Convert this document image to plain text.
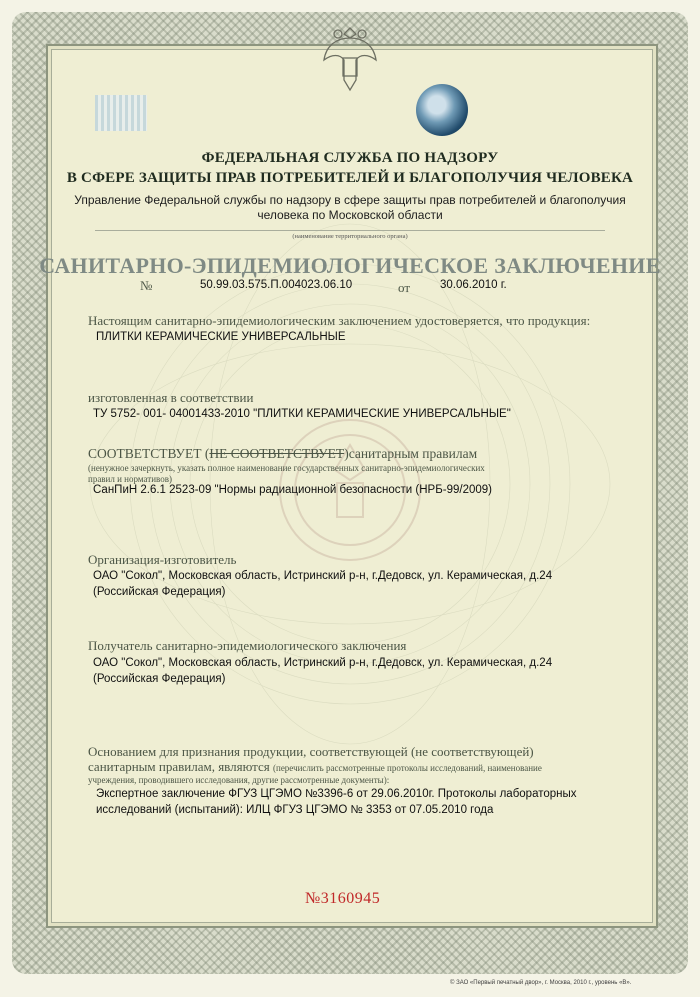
ФЕДЕРАЛЬНАЯ СЛУЖБА ПО НАДЗОРУ
В СФЕРЕ ЗАЩИТЫ ПРАВ ПОТРЕБИТЕЛЕЙ И БЛАГОПОЛУЧИЯ ЧЕЛОВЕКА
Управление Федеральной службы по надзору в сфере защиты прав потребителей и благополучия
человека по Московской области
(наименование территориального органа)
САНИТАРНО-ЭПИДЕМИОЛОГИЧЕСКОЕ ЗАКЛЮЧЕНИЕ
№	50.99.03.575.П.004023.06.10	от	30.06.2010 г.
Настоящим санитарно-эпидемиологическим заключением удостоверяется, что продукция:
ПЛИТКИ КЕРАМИЧЕСКИЕ УНИВЕРСАЛЬНЫЕ
изготовленная в соответствии
ТУ 5752- 001- 04001433-2010 "ПЛИТКИ КЕРАМИЧЕСКИЕ УНИВЕРСАЛЬНЫЕ"
СООТВЕТСТВУЕТ (НЕ СООТВЕТСТВУЕТ)санитарным правилам
(ненужное зачеркнуть, указать полное наименование государственных санитарно-эпидемиологических
правил и нормативов)
СанПиН 2.6.1 2523-09 "Нормы радиационной безопасности (НРБ-99/2009)
Организация-изготовитель
ОАО "Сокол", Московская область, Истринский р-н, г.Дедовск, ул. Керамическая, д.24
(Российская Федерация)
Получатель санитарно-эпидемиологического заключения
ОАО "Сокол", Московская область, Истринский р-н, г.Дедовск, ул. Керамическая, д.24
(Российская Федерация)
Основанием для признания продукции, соответствующей (не соответствующей)
санитарным правилам, являются (перечислить рассмотренные протоколы исследований, наименование
учреждения, проводившего исследования, другие рассмотренные документы):
Экспертное заключение ФГУЗ ЦГЭМО №3396-6 от 29.06.2010г. Протоколы лабораторных
исследований (испытаний): ИЛЦ ФГУЗ ЦГЭМО № 3353 от 07.05.2010 года
№3160945
© ЗАО «Первый печатный двор», г. Москва, 2010 г., уровень «В».
